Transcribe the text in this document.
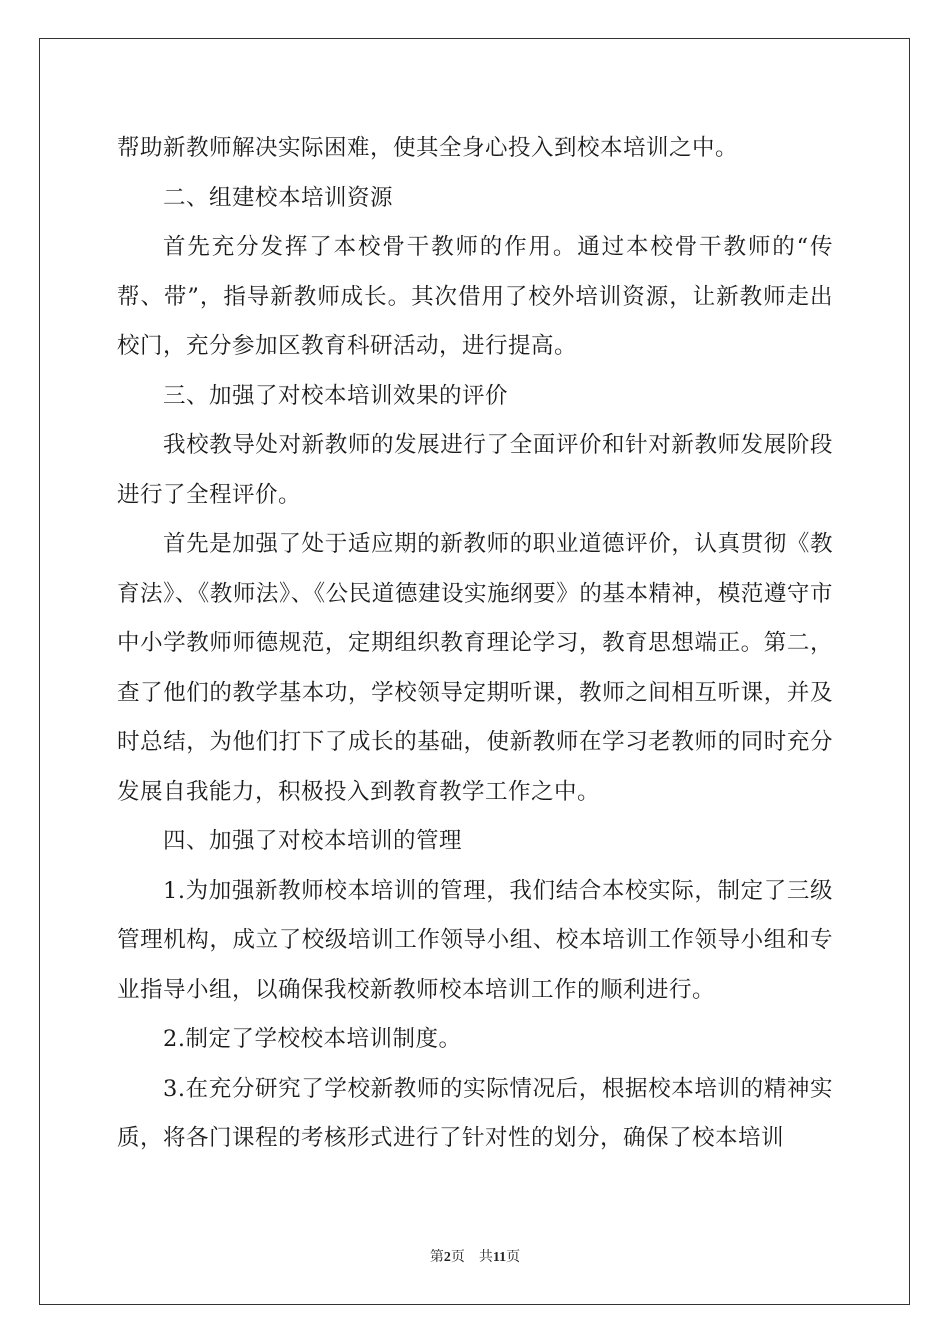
帮助新教师解决实际困难，使其全身心投入到校本培训之中。

二、组建校本培训资源

首先充分发挥了本校骨干教师的作用。通过本校骨干教师的“传帮、带”，指导新教师成长。其次借用了校外培训资源，让新教师走出校门，充分参加区教育科研活动，进行提高。

三、加强了对校本培训效果的评价

我校教导处对新教师的发展进行了全面评价和针对新教师发展阶段进行了全程评价。

首先是加强了处于适应期的新教师的职业道德评价，认真贯彻《教育法》、《教师法》、《公民道德建设实施纲要》的基本精神，模范遵守市中小学教师师德规范，定期组织教育理论学习，教育思想端正。第二，查了他们的教学基本功，学校领导定期听课，教师之间相互听课，并及时总结，为他们打下了成长的基础，使新教师在学习老教师的同时充分发展自我能力，积极投入到教育教学工作之中。

四、加强了对校本培训的管理

1.为加强新教师校本培训的管理，我们结合本校实际，制定了三级管理机构，成立了校级培训工作领导小组、校本培训工作领导小组和专业指导小组，以确保我校新教师校本培训工作的顺利进行。

2.制定了学校校本培训制度。

3.在充分研究了学校新教师的实际情况后，根据校本培训的精神实质，将各门课程的考核形式进行了针对性的划分，确保了校本培训

第2页 共11页
